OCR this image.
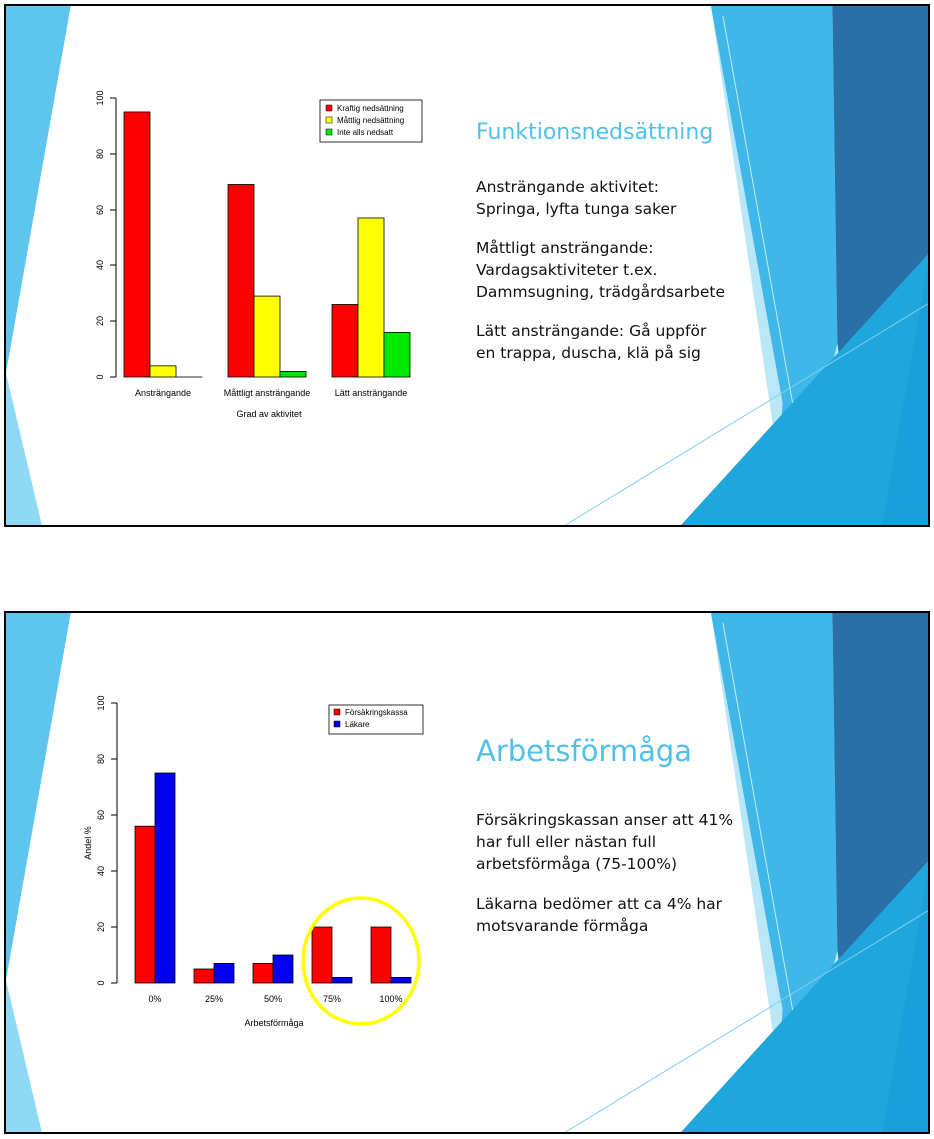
0
20
40
60
80
100
Ansträngande	Måttligt ansträngande	Lätt ansträngande
Grad av aktivitet
Kraftig nedsättning
Måttlig nedsättning
Inte alls nedsatt	Funktionsnedsättning
Ansträngande aktivitet:
Springa, lyfta tunga saker
Måttligt ansträngande:
Vardagsaktiviteter t.ex.
Dammsugning, trädgårdsarbete
Lätt ansträngande: Gå uppför
en trappa, duscha, klä på sig
0
20
40
60
80
100
Andel %
0%	25%	50%	75%	100%
Arbetsförmåga
Försäkringskassa
Läkare
Arbetsförmåga
Försäkringskassan anser att 41%
har full eller nästan full
arbetsförmåga (75-100%)
Läkarna bedömer att ca 4% har
motsvarande förmåga
